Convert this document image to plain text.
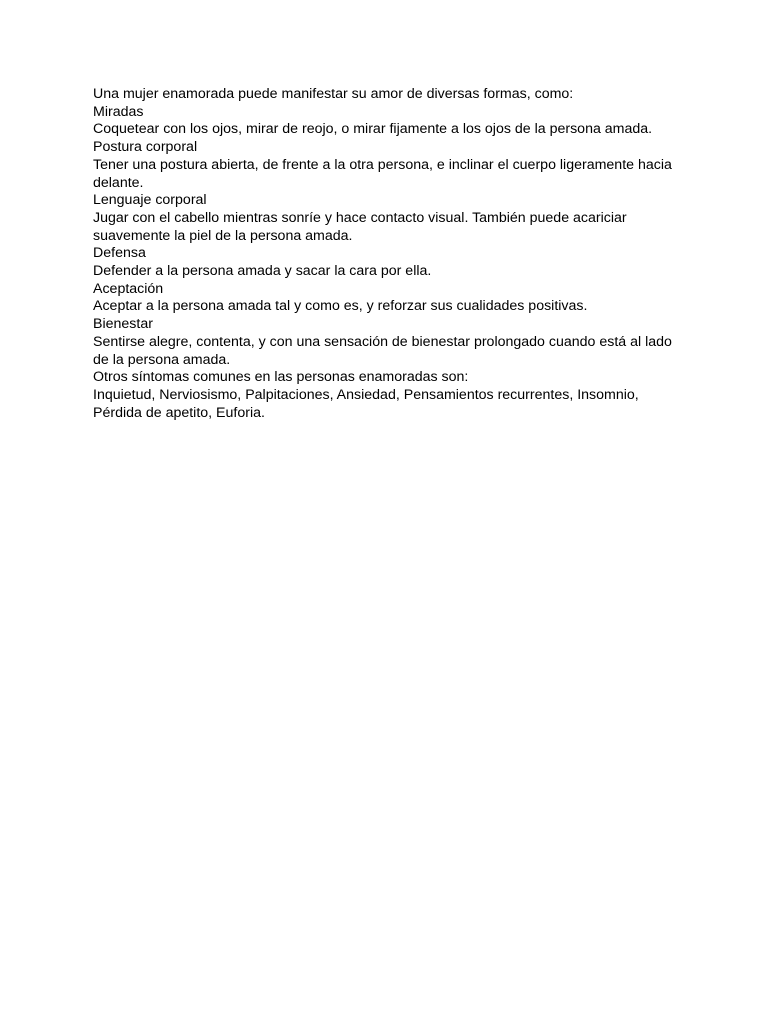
Una mujer enamorada puede manifestar su amor de diversas formas, como:

Miradas

Coquetear con los ojos, mirar de reojo, o mirar fijamente a los ojos de la persona amada.

Postura corporal

Tener una postura abierta, de frente a la otra persona, e inclinar el cuerpo ligeramente hacia delante.

Lenguaje corporal

Jugar con el cabello mientras sonríe y hace contacto visual. También puede acariciar suavemente la piel de la persona amada.

Defensa

Defender a la persona amada y sacar la cara por ella.

Aceptación

Aceptar a la persona amada tal y como es, y reforzar sus cualidades positivas.

Bienestar

Sentirse alegre, contenta, y con una sensación de bienestar prolongado cuando está al lado de la persona amada.

Otros síntomas comunes en las personas enamoradas son:

Inquietud, Nerviosismo, Palpitaciones, Ansiedad, Pensamientos recurrentes, Insomnio, Pérdida de apetito, Euforia.
